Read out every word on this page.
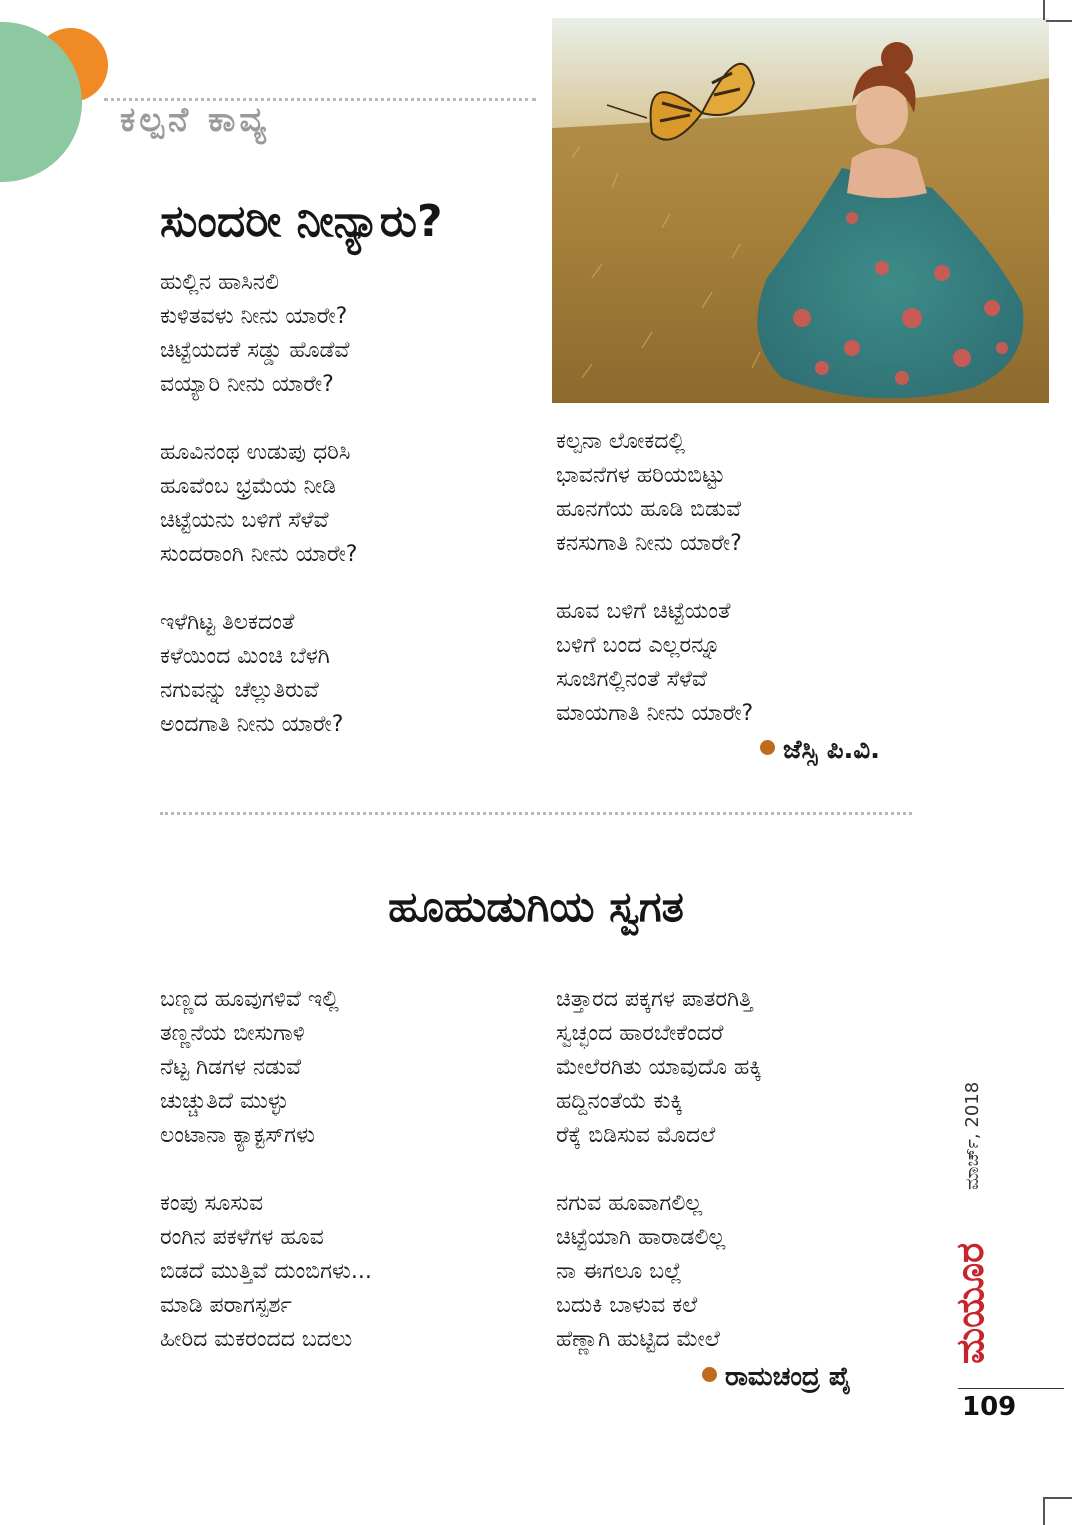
ಕಲ್ಪನೆ ಕಾವ್ಯ
ಸುಂದರೀ ನೀನ್ಯಾರು?
ಹುಲ್ಲಿನ ಹಾಸಿನಲಿ
ಕುಳಿತವಳು ನೀನು ಯಾರೇ?
ಚಿಟ್ಟೆಯದಕೆ ಸಡ್ಡು ಹೊಡೆವೆ
ವಯ್ಯಾರಿ ನೀನು ಯಾರೇ?
ಹೂವಿನಂಥ ಉಡುಪು ಧರಿಸಿ
ಹೂವೆಂಬ ಭ್ರಮೆಯ ನೀಡಿ
ಚಿಟ್ಟೆಯನು ಬಳಿಗೆ ಸೆಳೆವೆ
ಸುಂದರಾಂಗಿ ನೀನು ಯಾರೇ?
ಇಳೆಗಿಟ್ಟ ತಿಲಕದಂತೆ
ಕಳೆಯಿಂದ ಮಿಂಚಿ ಬೆಳಗಿ
ನಗುವನ್ನು ಚೆಲ್ಲುತಿರುವೆ
ಅಂದಗಾತಿ ನೀನು ಯಾರೇ?
ಕಲ್ಪನಾ ಲೋಕದಲ್ಲಿ
ಭಾವನೆಗಳ ಹರಿಯಬಿಟ್ಟು
ಹೂನಗೆಯ ಹೂಡಿ ಬಿಡುವೆ
ಕನಸುಗಾತಿ ನೀನು ಯಾರೇ?
ಹೂವ ಬಳಿಗೆ ಚಿಟ್ಟೆಯಂತೆ
ಬಳಿಗೆ ಬಂದ ಎಲ್ಲರನ್ನೂ
ಸೂಜಿಗಲ್ಲಿನಂತೆ ಸೆಳೆವೆ
ಮಾಯಗಾತಿ ನೀನು ಯಾರೇ?
ಜೆಸ್ಸಿ ಪಿ.ವಿ.
ಹೂಹುಡುಗಿಯ ಸ್ವಗತ
ಬಣ್ಣದ ಹೂವುಗಳಿವೆ ಇಲ್ಲಿ
ತಣ್ಣನೆಯ ಬೀಸುಗಾಳಿ
ನೆಟ್ಟ ಗಿಡಗಳ ನಡುವೆ
ಚುಚ್ಚುತಿದೆ ಮುಳ್ಳು
ಲಂಟಾನಾ ಕ್ಯಾಕ್ಟಸ್‌ಗಳು
ಕಂಪು ಸೂಸುವ
ರಂಗಿನ ಪಕಳೆಗಳ ಹೂವ
ಬಿಡದೆ ಮುತ್ತಿವೆ ದುಂಬಿಗಳು...
ಮಾಡಿ ಪರಾಗಸ್ಪರ್ಶ
ಹೀರಿದ ಮಕರಂದದ ಬದಲು
ಚಿತ್ತಾರದ ಪಕ್ಕಗಳ ಪಾತರಗಿತ್ತಿ
ಸ್ವಚ್ಛಂದ ಹಾರಬೇಕೆಂದರೆ
ಮೇಲೆರಗಿತು ಯಾವುದೊ ಹಕ್ಕಿ
ಹದ್ದಿನಂತೆಯೆ ಕುಕ್ಕಿ
ರೆಕ್ಕೆ ಬಿಡಿಸುವ ಮೊದಲೆ
ನಗುವ ಹೂವಾಗಲಿಲ್ಲ
ಚಿಟ್ಟೆಯಾಗಿ ಹಾರಾಡಲಿಲ್ಲ
ನಾ ಈಗಲೂ ಬಲ್ಲೆ
ಬದುಕಿ ಬಾಳುವ ಕಲೆ
ಹೆಣ್ಣಾಗಿ ಹುಟ್ಟಿದ ಮೇಲೆ
ರಾಮಚಂದ್ರ ಪೈ
ಮಯೂರ
ಮಾರ್ಚ್, 2018
109
